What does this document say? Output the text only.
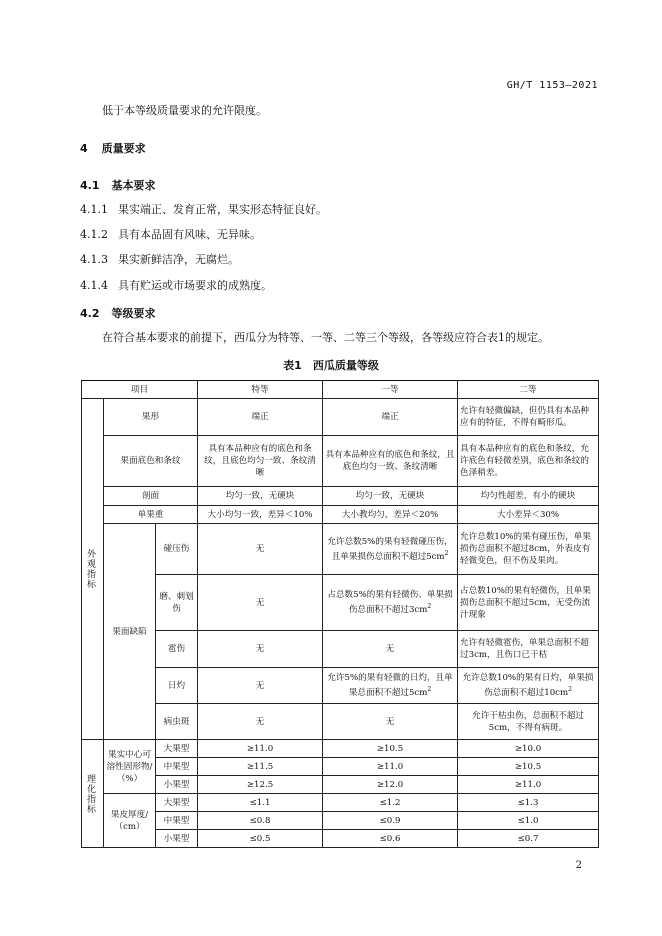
GH/T 1153—2021
低于本等级质量要求的允许限度。
4 质量要求
4.1 基本要求
4.1.1 果实端正、发育正常，果实形态特征良好。
4.1.2 具有本品固有风味、无异味。
4.1.3 果实新鲜洁净，无腐烂。
4.1.4 具有贮运或市场要求的成熟度。
4.2 等级要求
在符合基本要求的前提下，西瓜分为特等、一等、二等三个等级，各等级应符合表1的规定。
表1　西瓜质量等级
项目			特等	一等	二等

外观指标	果形		端正	端正	允许有轻微偏缺，但仍具有本品种应有的特征，不得有畸形瓜。
	果面底色和条纹		具有本品种应有的底色和条纹，且底色均匀一致、条纹清晰	具有本品种应有的底色和条纹，且底色均匀一致、条纹清晰	具有本品种应有的底色和条纹，允许底色有轻微差别，底色和条纹的色泽稍差。
	剖面		均匀一致，无硬块	均匀一致，无硬块	均匀性超差，有小的硬块
	单果重		大小均匀一致，差异＜10%	大小教均匀，差异＜20%	大小差异＜30%
	果面缺陷	碰压伤	无	允许总数5%的果有轻微碰压伤，且单果损伤总面积不超过$5cm^2$	允许总数10%的果有碰压伤，单果损伤总面积不超过8cm，外表皮有轻微变色，但不伤及果肉。
		磨、刺划伤	无	占总数5%的果有轻微伤、单果损伤总面积不超过$3cm^2$	占总数10%的果有轻微伤，且单果损伤总面积不超过5cm，无受伤流汁现象
		雹伤	无	无	允许有轻微雹伤，单果总面积不超过3cm，且伤口已干枯
		日灼	无	允许5%的果有轻微的日灼，且单果总面积不超过$5cm^2$	允许总数10%的果有日灼，单果损伤总面积不超过$10cm^2$
		病虫斑	无	无	允许干枯虫伤，总面积不超过5cm，不得有病斑。

理化指标	果实中心可溶性固形物/（%）	大果型	≥11.0	≥10.5	≥10.0
		中果型	≥11.5	≥11.0	≥10.5
		小果型	≥12.5	≥12.0	≥11.0
	果皮厚度/（cm）	大果型	≤1.1	≤1.2	≤1.3
		中果型	≤0.8	≤0.9	≤1.0
		小果型	≤0.5	≤0.6	≤0.7
2
